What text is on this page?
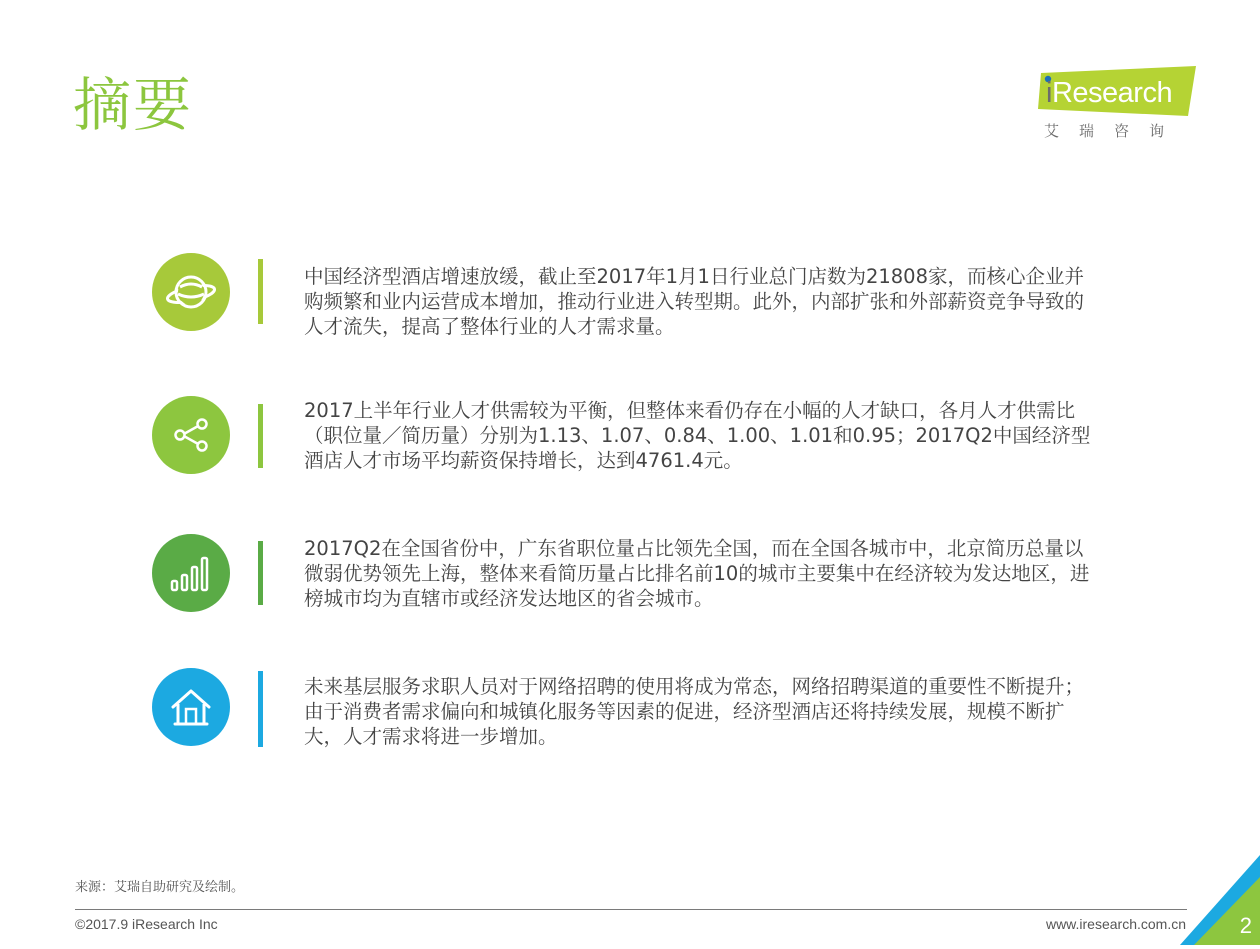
摘要	iResearch
艾瑞咨询
中国经济型酒店增速放缓，截止至2017年1月1日行业总门店数为21808家，而核心企业并购频繁和业内运营成本增加，推动行业进入转型期。此外，内部扩张和外部薪资竞争导致的人才流失，提高了整体行业的人才需求量。
2017上半年行业人才供需较为平衡，但整体来看仍存在小幅的人才缺口，各月人才供需比（职位量／简历量）分别为1.13、1.07、0.84、1.00、1.01和0.95；2017Q2中国经济型酒店人才市场平均薪资保持增长，达到4761.4元。
2017Q2在全国省份中，广东省职位量占比领先全国，而在全国各城市中，北京简历总量以微弱优势领先上海，整体来看简历量占比排名前10的城市主要集中在经济较为发达地区，进榜城市均为直辖市或经济发达地区的省会城市。
未来基层服务求职人员对于网络招聘的使用将成为常态，网络招聘渠道的重要性不断提升；由于消费者需求偏向和城镇化服务等因素的促进，经济型酒店还将持续发展，规模不断扩大，人才需求将进一步增加。
来源：艾瑞自助研究及绘制。
©2017.9 iResearch Inc	www.iresearch.com.cn 2
